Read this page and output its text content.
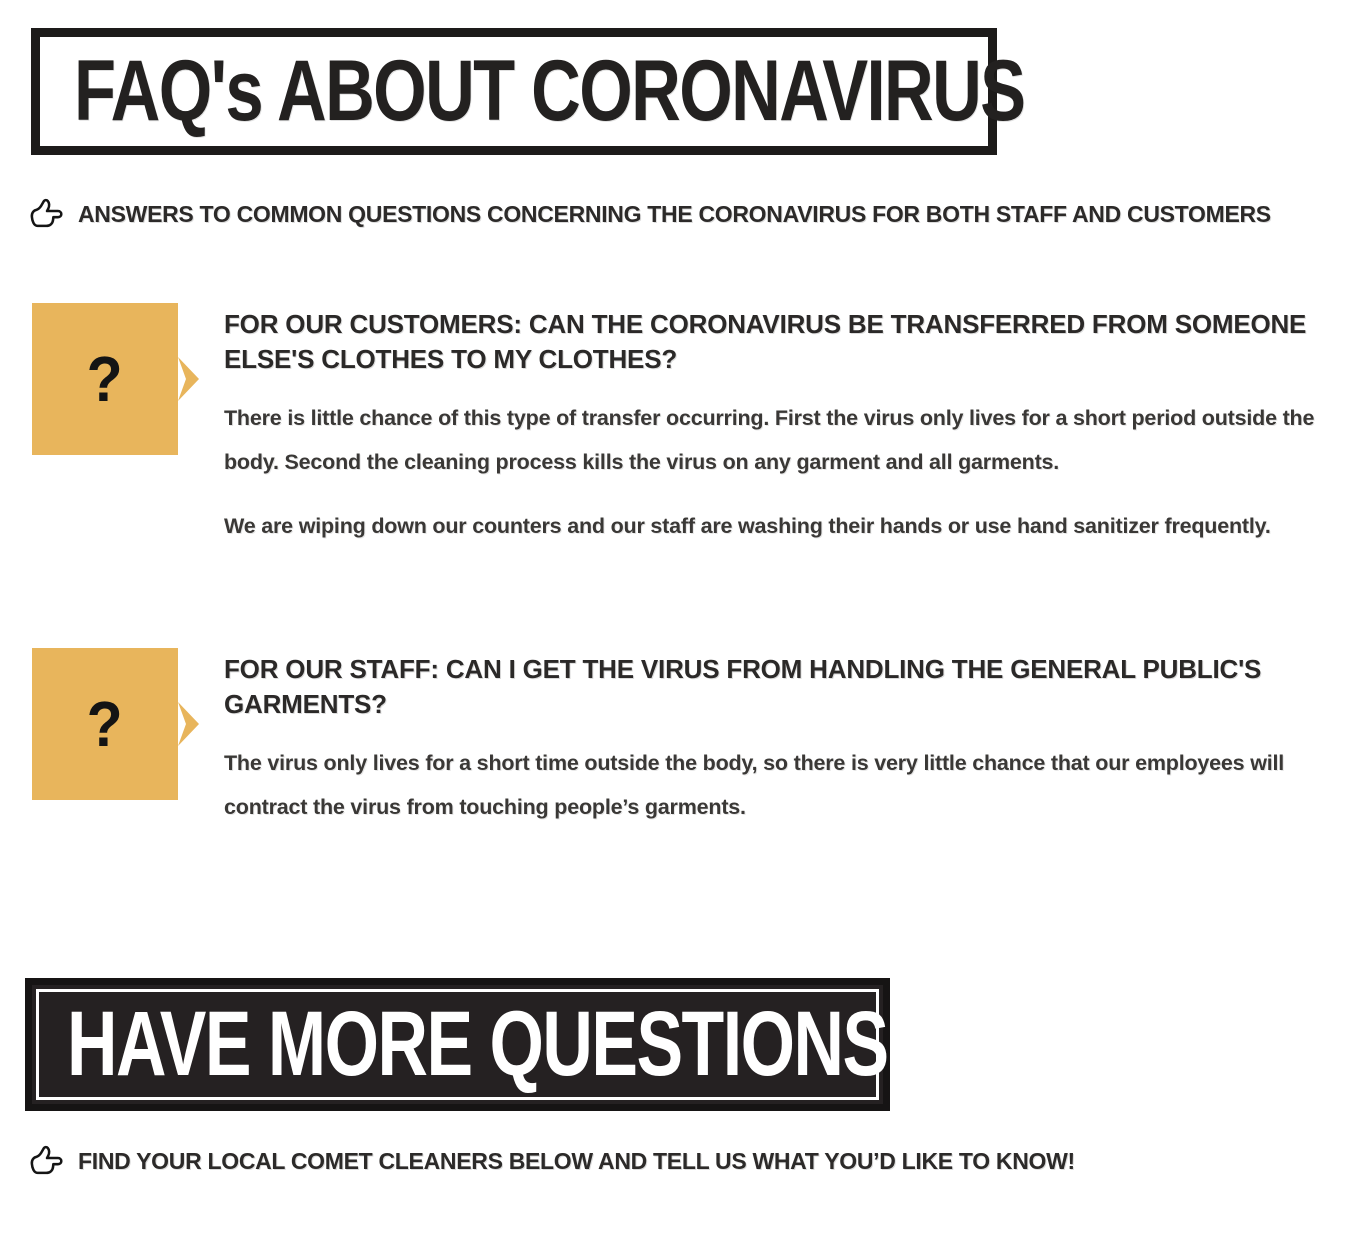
FAQ's ABOUT CORONAVIRUS
ANSWERS TO COMMON QUESTIONS CONCERNING THE CORONAVIRUS FOR BOTH STAFF AND CUSTOMERS
?
FOR OUR CUSTOMERS: CAN THE CORONAVIRUS BE TRANSFERRED FROM SOMEONE ELSE'S CLOTHES TO MY CLOTHES?

There is little chance of this type of transfer occurring. First the virus only lives for a short period outside the body. Second the cleaning process kills the virus on any garment and all garments.

We are wiping down our counters and our staff are washing their hands or use hand sanitizer frequently.

?
FOR OUR STAFF: CAN I GET THE VIRUS FROM HANDLING THE GENERAL PUBLIC'S GARMENTS?

The virus only lives for a short time outside the body, so there is very little chance that our employees will contract the virus from touching people’s garments.

HAVE MORE QUESTIONS?
FIND YOUR LOCAL COMET CLEANERS BELOW AND TELL US WHAT YOU’D LIKE TO KNOW!
